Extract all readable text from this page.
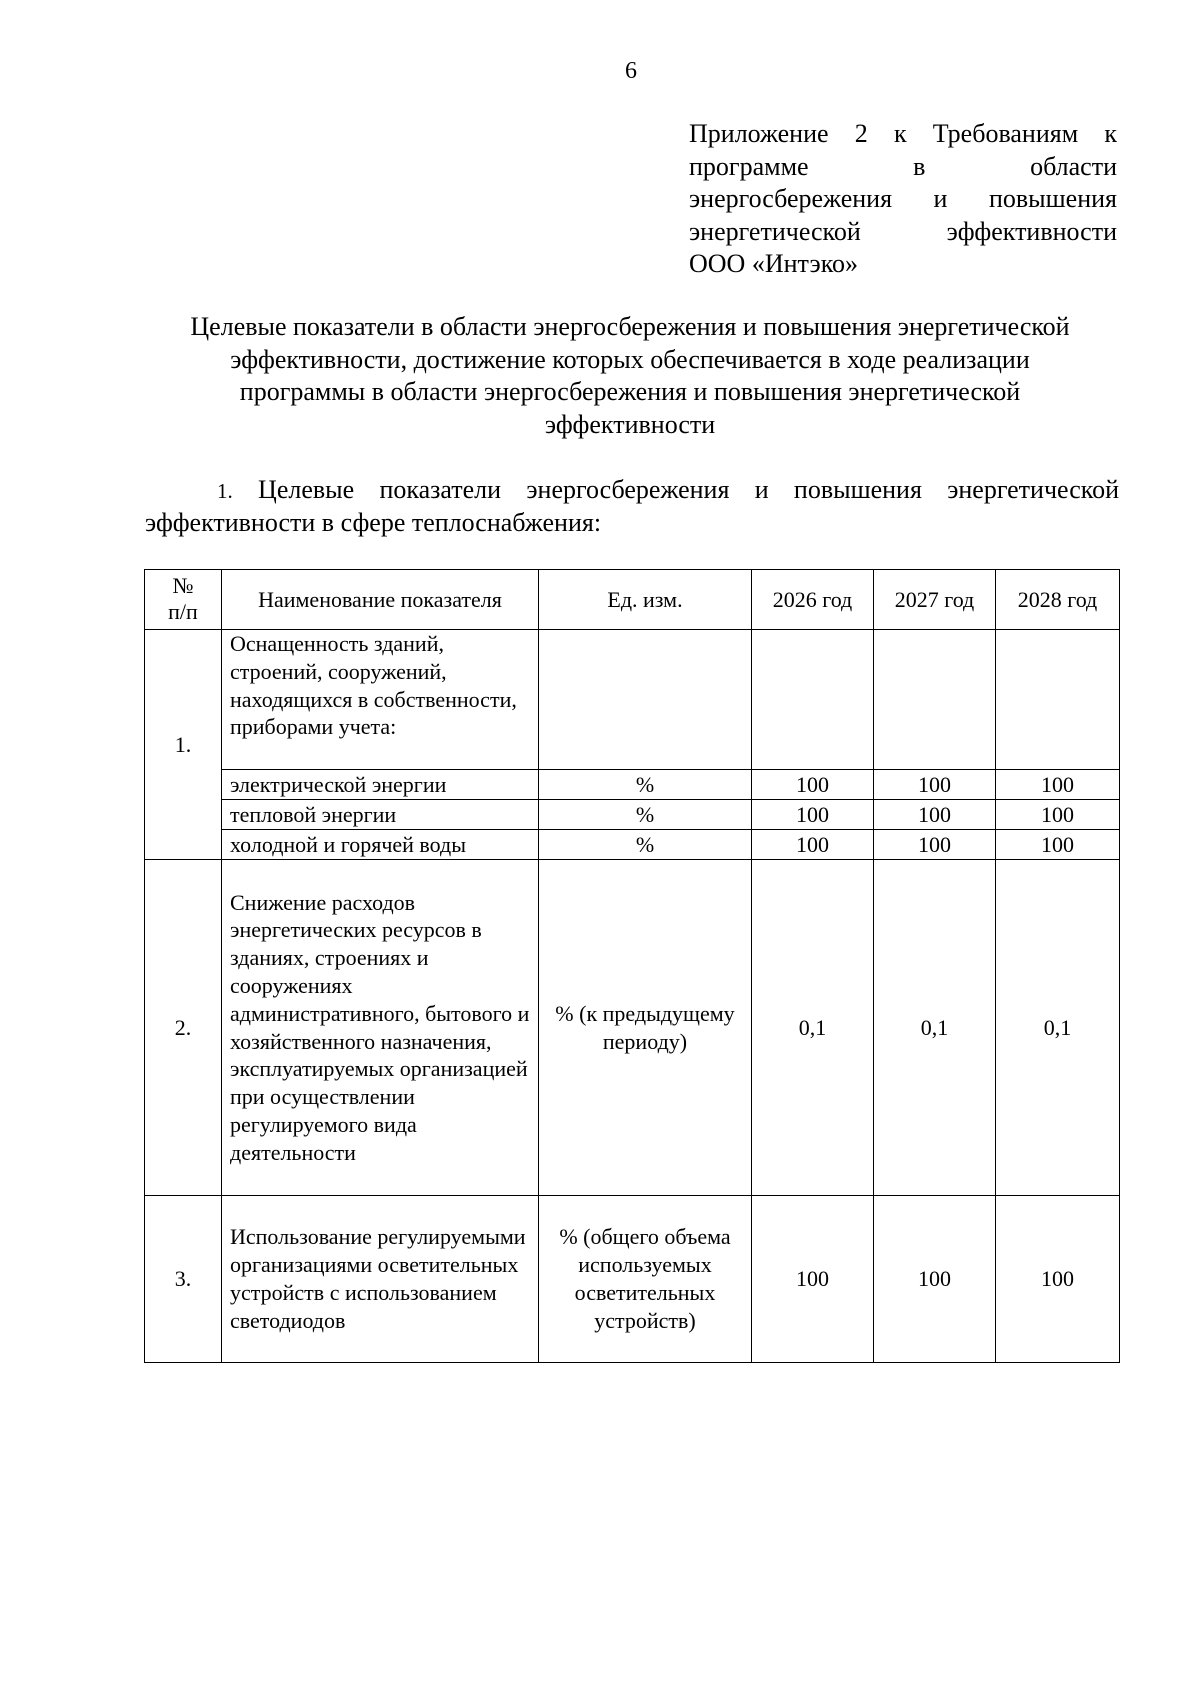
6
Приложение 2 к Требованиям к
программе в области
энергосбережения и повышения
энергетической эффективности
ООО «Интэко»
Целевые показатели в области энергосбережения и повышения энергетической
эффективности, достижение которых обеспечивается в ходе реализации
программы в области энергосбережения и повышения энергетической
эффективности
1. Целевые показатели энергосбережения и повышения энергетической
эффективности в сфере теплоснабжения:
№ п/п	Наименование показателя	Ед. изм.	2026 год	2027 год	2028 год
1.	Оснащенность зданий, строений, сооружений, находящихся в собственности, приборами учета:				
	электрической энергии	%	100	100	100
	тепловой энергии	%	100	100	100
	холодной и горячей воды	%	100	100	100
2.	Снижение расходов энергетических ресурсов в зданиях, строениях и сооружениях административного, бытового и хозяйственного назначения, эксплуатируемых организацией при осуществлении регулируемого вида деятельности	% (к предыдущему периоду)	0,1	0,1	0,1
3.	Использование регулируемыми организациями осветительных устройств с использованием светодиодов	% (общего объема используемых осветительных устройств)	100	100	100
